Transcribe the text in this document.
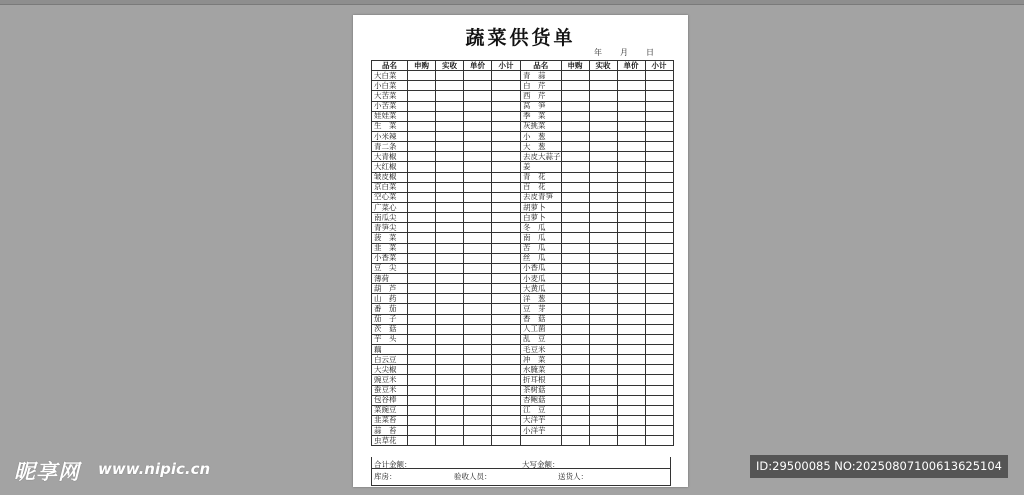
蔬菜供货单
年 月 日
品名	申购	实收	单价	小计	品名	申购	实收	单价	小计
大白菜					青　蒜				
小白菜					白　芹				
大苦菜					西　芹				
小苦菜					莴　笋				
娃娃菜					季　菜				
生　菜					灰挑菜				
小米辣					小　葱				
青二条					大　葱				
大青椒					去皮大蒜子				
大红椒					姜				
皱皮椒					青　花				
京白菜					百　花				
空心菜					去皮青笋				
广菜心					胡萝卜				
南瓜尖					白萝卜				
青笋尖					冬　瓜				
菠　菜					南　瓜				
韭　菜					苦　瓜				
小香菜					丝　瓜				
豆　尖					小香瓜				
薄荷					小麦瓜				
葫　芦					大黄瓜				
山　药					洋　葱				
番　茄					豆　芽				
茄　子					香　菇				
茨　菇					人工菌				
芋　头					乱　豆				
藕					毛豆米				
白云豆					冲　菜				
大尖椒					水腌菜				
豌豆米					折耳根				
蚕豆米					茶树菇				
包谷棒					杏鲍菇				
菜豌豆					江　豆				
韭菜苔					大洋芋				
蒜　苔					小洋芋				
虫草花									
合计金额：	大写金额：
库房：	验收人员：	送货人：
昵享网 www.nipic.cn	ID:29500085 NO:20250807100613625104
